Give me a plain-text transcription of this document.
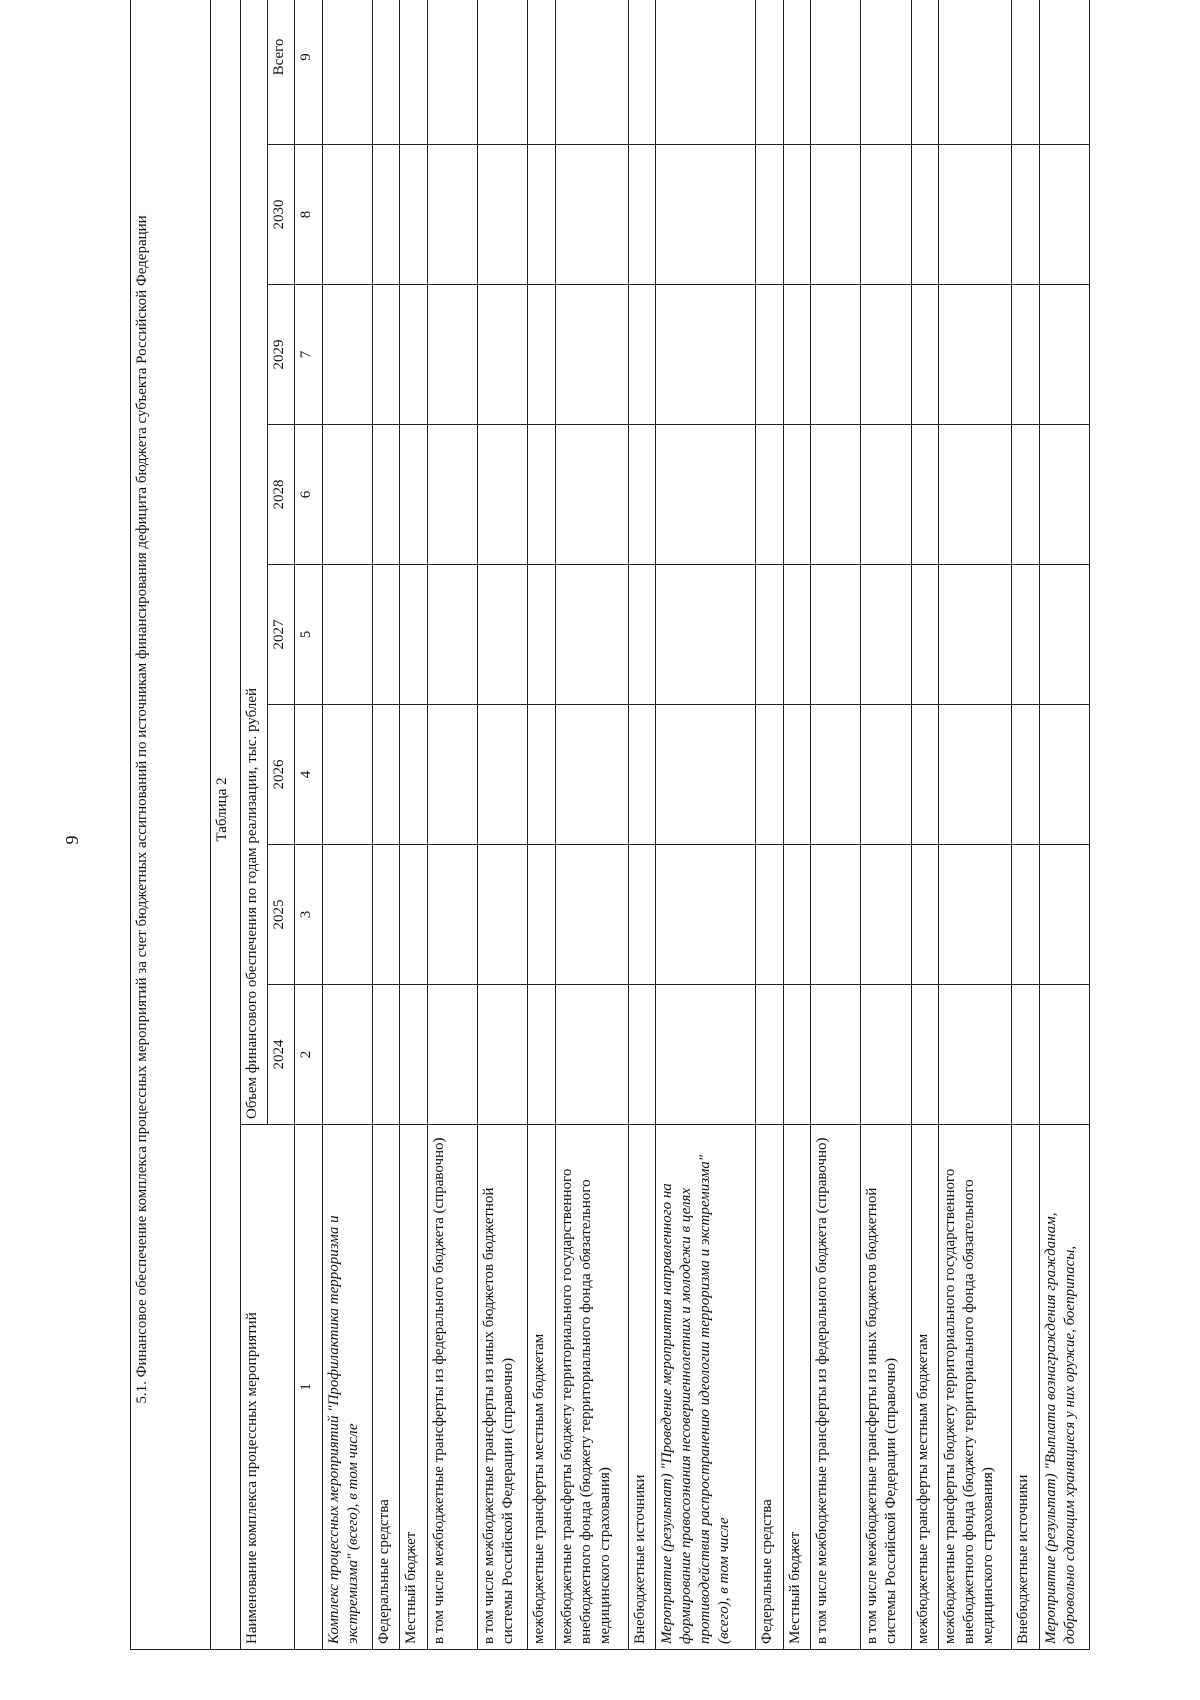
9	5.1. Финансовое обеспечение комплекса процессных мероприятий за счет бюджетных ассигнований по источникам финансирования дефицита бюджета субъекта Российской Федерации								
Таблица 2								
Наименование комплекса процессных мероприятий	Объем финансового обеспечения по годам реализации, тыс. рублей							
	2024	2025	2026	2027	2028	2029	2030	Всего
1	2	3	4	5	6	7	8	9
Комплекс процессных мероприятий "Профилактика терроризма и экстремизма" (всего), в том числе								
Федеральные средства								
Местный бюджет								
в том числе межбюджетные трансферты из федерального бюджета (справочно)								
в том числе межбюджетные трансферты из иных бюджетов бюджетной системы Российской Федерации (справочно)								
межбюджетные трансферты местным бюджетам								
межбюджетные трансферты бюджету территориального государственного внебюджетного фонда (бюджету территориального фонда обязательного медицинского страхования)								
Внебюджетные источники								
Мероприятие (результат) "Проведение мероприятия направленного на формирование правосознания несовершеннолетних и молодежи в целях противодействия распространению идеологии терроризма и экстремизма" (всего), в том числе								
Федеральные средства								
Местный бюджет								
в том числе межбюджетные трансферты из федерального бюджета (справочно)								
в том числе межбюджетные трансферты из иных бюджетов бюджетной системы Российской Федерации (справочно)								
межбюджетные трансферты местным бюджетам								
межбюджетные трансферты бюджету территориального государственного внебюджетного фонда (бюджету территориального фонда обязательного медицинского страхования)								
Внебюджетные источники								
Мероприятие (результат) "Выплата вознаграждения гражданам, добровольно сдающим хранящиеся у них оружие, боеприпасы,								
